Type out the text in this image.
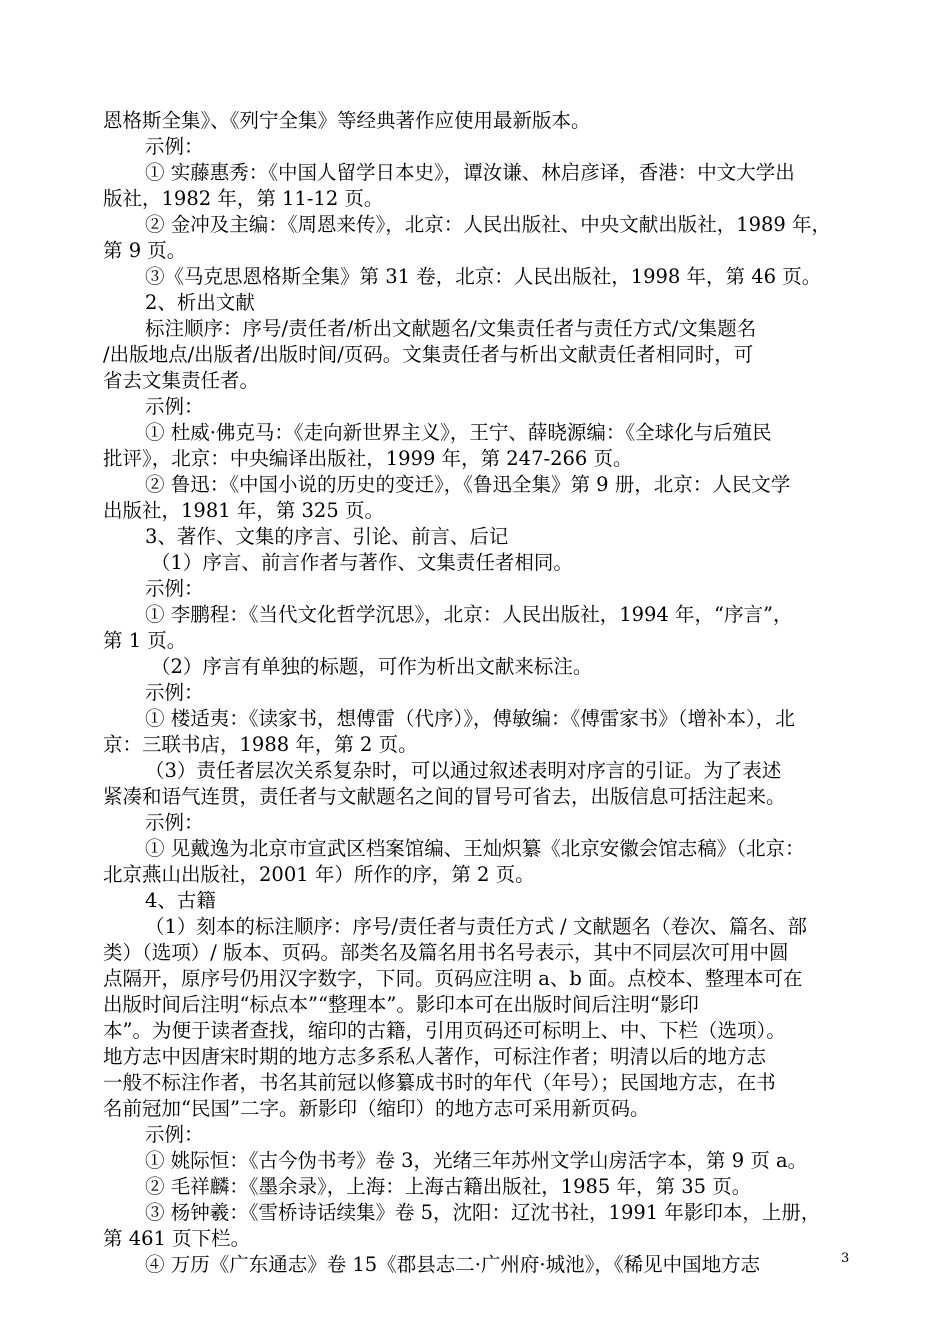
恩格斯全集》、《列宁全集》等经典著作应使用最新版本。
示例：
① 实藤惠秀：《中国人留学日本史》，谭汝谦、林启彦译，香港：中文大学出
版社，1982 年，第 11-12 页。
② 金冲及主编：《周恩来传》，北京：人民出版社、中央文献出版社，1989 年，
第 9 页。
③《马克思恩格斯全集》第 31 卷，北京：人民出版社，1998 年，第 46 页。
2、析出文献
标注顺序：序号/责任者/析出文献题名/文集责任者与责任方式/文集题名
/出版地点/出版者/出版时间/页码。文集责任者与析出文献责任者相同时，可
省去文集责任者。
示例：
① 杜威·佛克马：《走向新世界主义》，王宁、薛晓源编：《全球化与后殖民
批评》，北京：中央编译出版社，1999 年，第 247-266 页。
② 鲁迅：《中国小说的历史的变迁》，《鲁迅全集》第 9 册，北京：人民文学
出版社，1981 年，第 325 页。
3、著作、文集的序言、引论、前言、后记
（1）序言、前言作者与著作、文集责任者相同。
示例：
① 李鹏程：《当代文化哲学沉思》，北京：人民出版社，1994 年，“序言”，
第 1 页。
（2）序言有单独的标题，可作为析出文献来标注。
示例：
① 楼适夷：《读家书，想傅雷（代序）》，傅敏编：《傅雷家书》（增补本），北
京：三联书店，1988 年，第 2 页。
（3）责任者层次关系复杂时，可以通过叙述表明对序言的引证。为了表述
紧凑和语气连贯，责任者与文献题名之间的冒号可省去，出版信息可括注起来。
示例：
① 见戴逸为北京市宣武区档案馆编、王灿炽纂《北京安徽会馆志稿》（北京：
北京燕山出版社，2001 年）所作的序，第 2 页。
4、古籍
（1）刻本的标注顺序：序号/责任者与责任方式 / 文献题名（卷次、篇名、部
类）（选项）/ 版本、页码。部类名及篇名用书名号表示，其中不同层次可用中圆
点隔开，原序号仍用汉字数字，下同。页码应注明 a、b 面。点校本、整理本可在
出版时间后注明“标点本”“整理本”。影印本可在出版时间后注明“影印
本”。为便于读者查找，缩印的古籍，引用页码还可标明上、中、下栏（选项）。
地方志中因唐宋时期的地方志多系私人著作，可标注作者；明清以后的地方志
一般不标注作者，书名其前冠以修纂成书时的年代（年号）；民国地方志，在书
名前冠加“民国”二字。新影印（缩印）的地方志可采用新页码。
示例：
① 姚际恒：《古今伪书考》卷 3，光绪三年苏州文学山房活字本，第 9 页 a。
② 毛祥麟：《墨余录》，上海：上海古籍出版社，1985 年，第 35 页。
③ 杨钟羲：《雪桥诗话续集》卷 5，沈阳：辽沈书社，1991 年影印本，上册，
第 461 页下栏。
④ 万历《广东通志》卷 15《郡县志二·广州府·城池》，《稀见中国地方志	3
